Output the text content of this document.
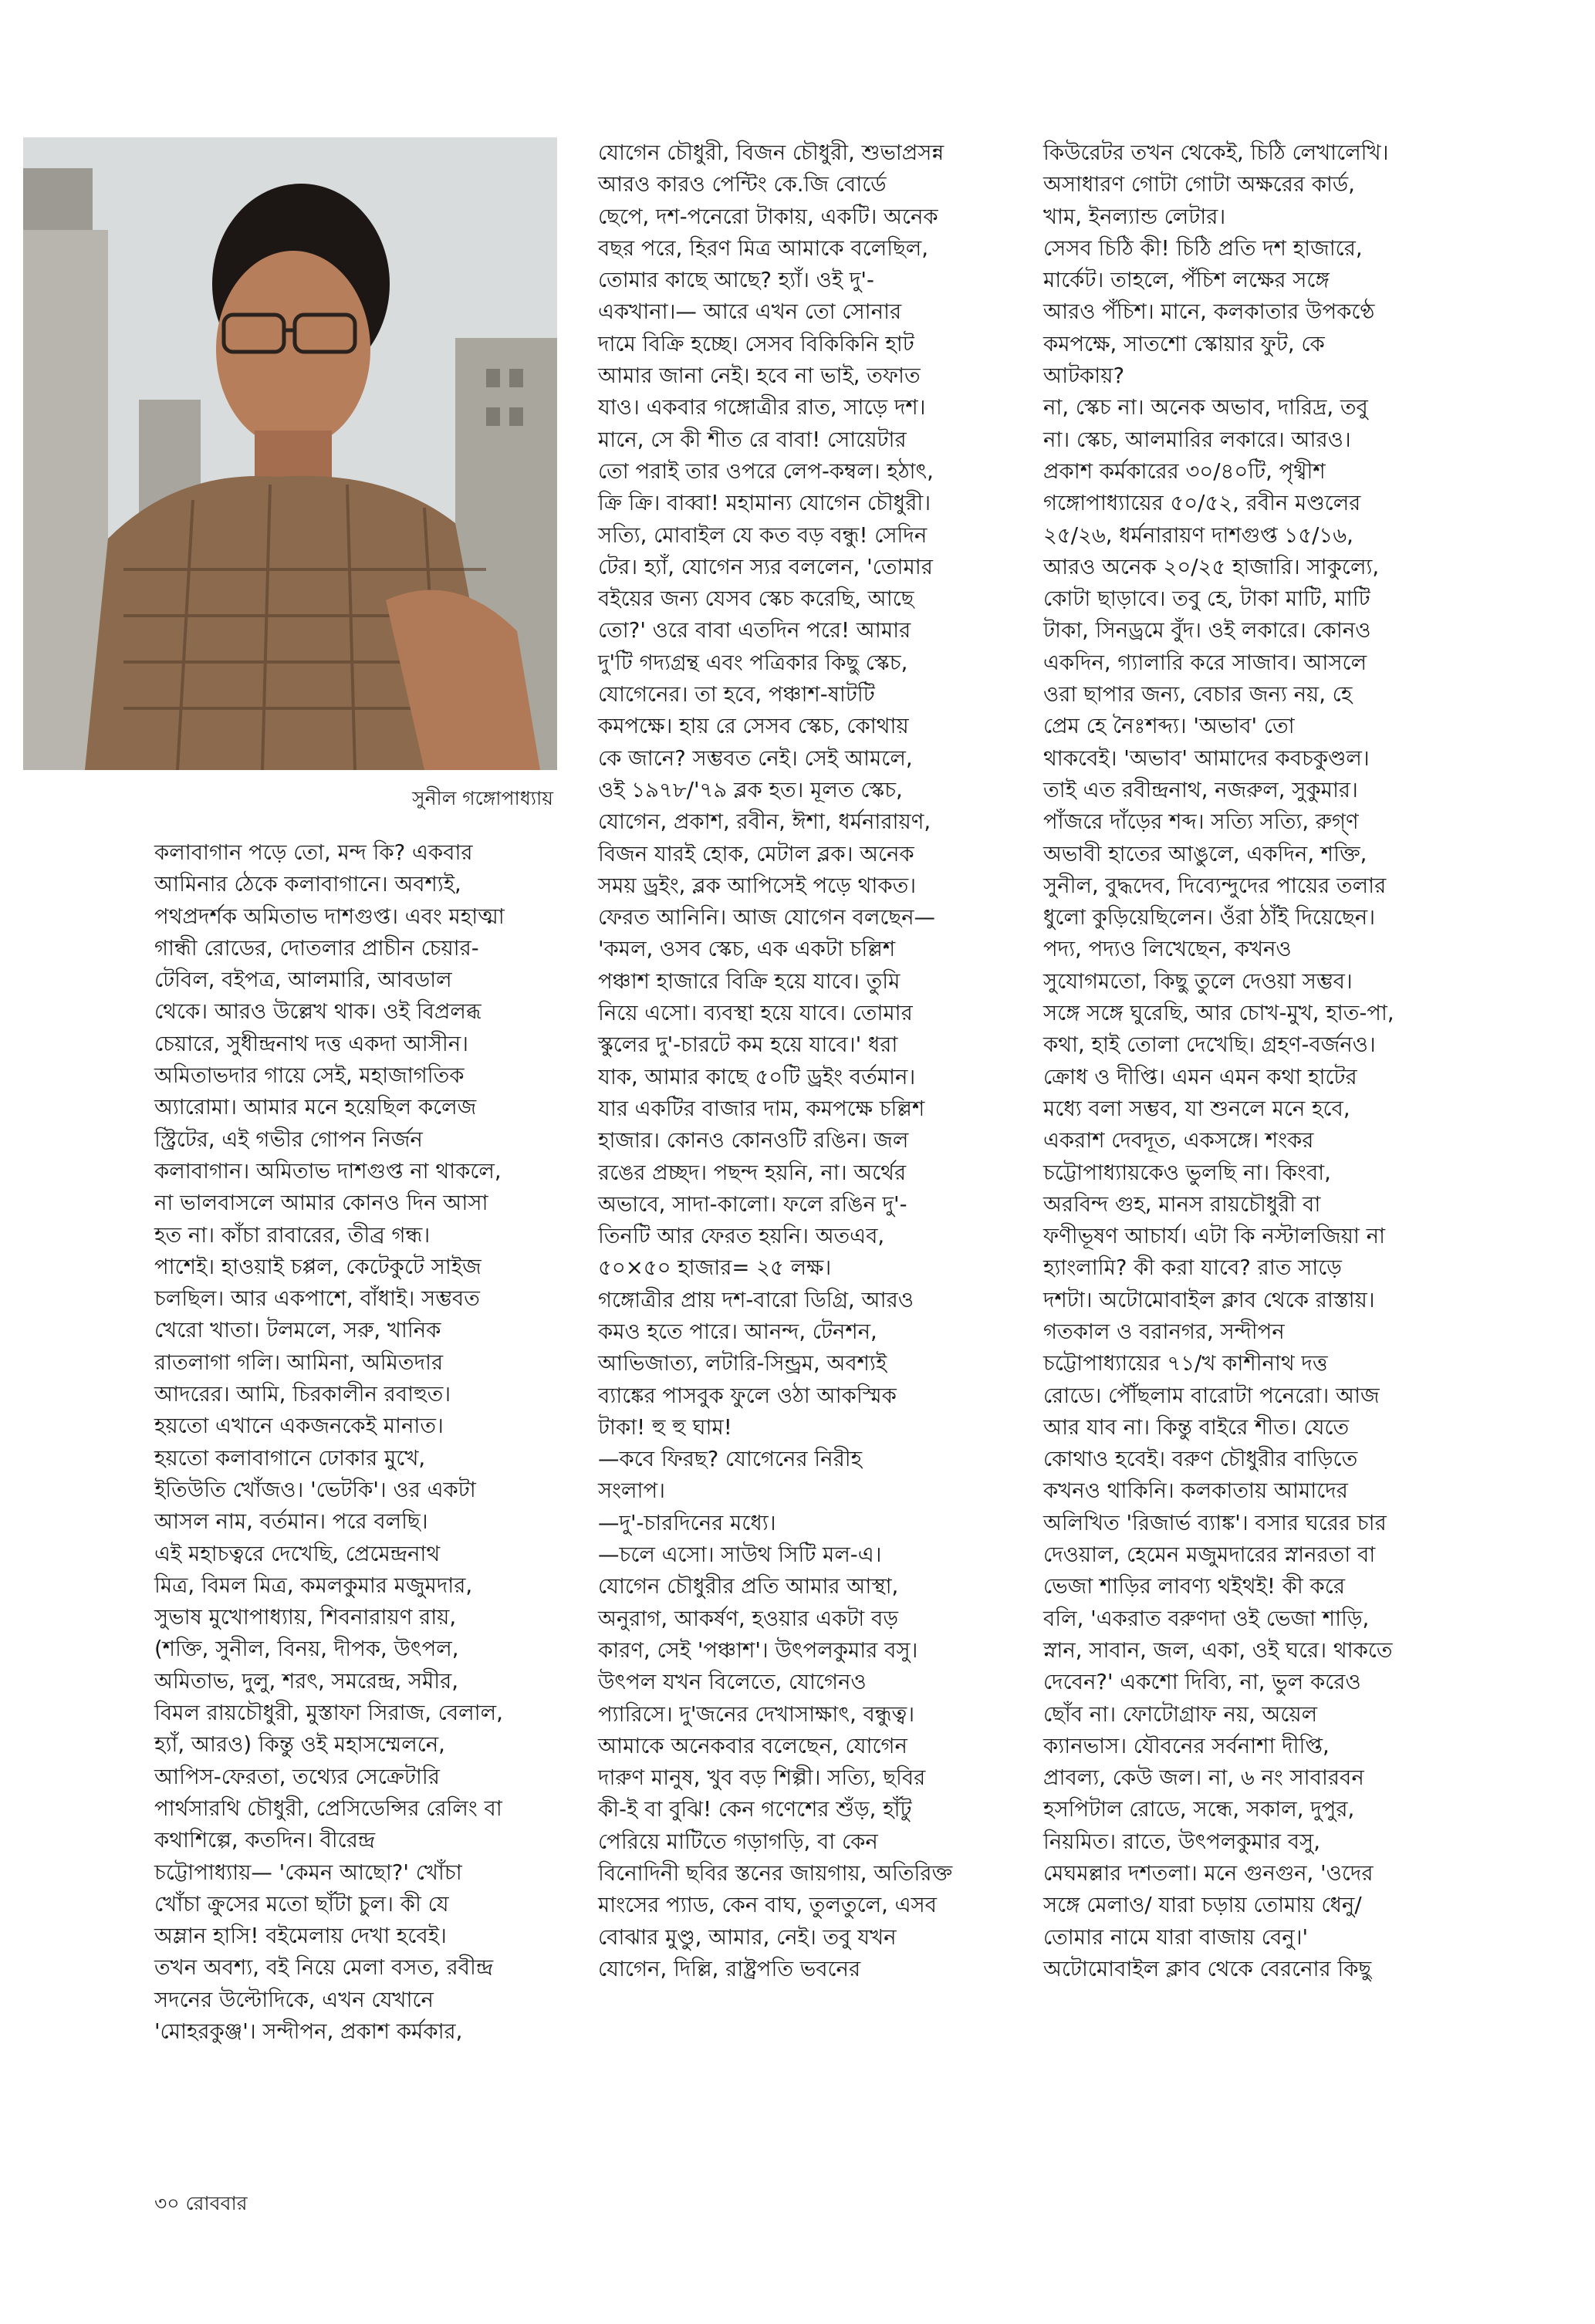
সুনীল গঙ্গোপাধ্যায়
কলাবাগান পড়ে তো, মন্দ কি? একবার
আমিনার ঠেকে কলাবাগানে। অবশ্যই,
পথপ্রদর্শক অমিতাভ দাশগুপ্ত। এবং মহাত্মা
গান্ধী রোডের, দোতলার প্রাচীন চেয়ার-
টেবিল, বইপত্র, আলমারি, আবডাল
থেকে। আরও উল্লেখ থাক। ওই বিপ্রলব্ধ
চেয়ারে, সুধীন্দ্রনাথ দত্ত একদা আসীন।
অমিতাভদার গায়ে সেই, মহাজাগতিক
অ্যারোমা। আমার মনে হয়েছিল কলেজ
স্ট্রিটের, এই গভীর গোপন নির্জন
কলাবাগান। অমিতাভ দাশগুপ্ত না থাকলে,
না ভালবাসলে আমার কোনও দিন আসা
হত না। কাঁচা রাবারের, তীব্র গন্ধ।
পাশেই। হাওয়াই চপ্পল, কেটেকুটে সাইজ
চলছিল। আর একপাশে, বাঁধাই। সম্ভবত
খেরো খাতা। টলমলে, সরু, খানিক
রাতলাগা গলি। আমিনা, অমিতদার
আদরের। আমি, চিরকালীন রবাহুত।
হয়তো এখানে একজনকেই মানাত।
হয়তো কলাবাগানে ঢোকার মুখে,
ইতিউতি খোঁজও। 'ভেটকি'। ওর একটা
আসল নাম, বর্তমান। পরে বলছি।
এই মহাচত্বরে দেখেছি, প্রেমেন্দ্রনাথ
মিত্র, বিমল মিত্র, কমলকুমার মজুমদার,
সুভাষ মুখোপাধ্যায়, শিবনারায়ণ রায়,
(শক্তি, সুনীল, বিনয়, দীপক, উৎপল,
অমিতাভ, দুলু, শরৎ, সমরেন্দ্র, সমীর,
বিমল রায়চৌধুরী, মুস্তাফা সিরাজ, বেলাল,
হ্যাঁ, আরও) কিন্তু ওই মহাসম্মেলনে,
আপিস-ফেরতা, তথ্যের সেক্রেটারি
পার্থসারথি চৌধুরী, প্রেসিডেন্সির রেলিং বা
কথাশিল্পে, কতদিন। বীরেন্দ্র
চট্টোপাধ্যায়— 'কেমন আছো?' খোঁচা
খোঁচা ক্রুসের মতো ছাঁটা চুল। কী যে
অম্লান হাসি! বইমেলায় দেখা হবেই।
তখন অবশ্য, বই নিয়ে মেলা বসত, রবীন্দ্র
সদনের উল্টোদিকে, এখন যেখানে
'মোহরকুঞ্জ'। সন্দীপন, প্রকাশ কর্মকার,
যোগেন চৌধুরী, বিজন চৌধুরী, শুভাপ্রসন্ন
আরও কারও পেন্টিং কে.জি বোর্ডে
ছেপে, দশ-পনেরো টাকায়, একটি। অনেক
বছর পরে, হিরণ মিত্র আমাকে বলেছিল,
তোমার কাছে আছে? হ্যাঁ। ওই দু'-
একখানা।— আরে এখন তো সোনার
দামে বিক্রি হচ্ছে। সেসব বিকিকিনি হাট
আমার জানা নেই। হবে না ভাই, তফাত
যাও। একবার গঙ্গোত্রীর রাত, সাড়ে দশ।
মানে, সে কী শীত রে বাবা! সোয়েটার
তো পরাই তার ওপরে লেপ-কম্বল। হঠাৎ,
ক্রি ক্রি। বাব্বা! মহামান্য যোগেন চৌধুরী।
সত্যি, মোবাইল যে কত বড় বন্ধু! সেদিন
টের। হ্যাঁ, যোগেন স্যর বললেন, 'তোমার
বইয়ের জন্য যেসব স্কেচ করেছি, আছে
তো?' ওরে বাবা এতদিন পরে! আমার
দু'টি গদ্যগ্রন্থ এবং পত্রিকার কিছু স্কেচ,
যোগেনের। তা হবে, পঞ্চাশ-ষাটটি
কমপক্ষে। হায় রে সেসব স্কেচ, কোথায়
কে জানে? সম্ভবত নেই। সেই আমলে,
ওই ১৯৭৮/'৭৯ ব্লক হত। মূলত স্কেচ,
যোগেন, প্রকাশ, রবীন, ঈশা, ধর্মনারায়ণ,
বিজন যারই হোক, মেটাল ব্লক। অনেক
সময় ড্রইং, ব্লক আপিসেই পড়ে থাকত।
ফেরত আনিনি। আজ যোগেন বলছেন—
'কমল, ওসব স্কেচ, এক একটা চল্লিশ
পঞ্চাশ হাজারে বিক্রি হয়ে যাবে। তুমি
নিয়ে এসো। ব্যবস্থা হয়ে যাবে। তোমার
স্কুলের দু'-চারটে কম হয়ে যাবে।' ধরা
যাক, আমার কাছে ৫০টি ড্রইং বর্তমান।
যার একটির বাজার দাম, কমপক্ষে চল্লিশ
হাজার। কোনও কোনওটি রঙিন। জল
রঙের প্রচ্ছদ। পছন্দ হয়নি, না। অর্থের
অভাবে, সাদা-কালো। ফলে রঙিন দু'-
তিনটি আর ফেরত হয়নি। অতএব,
৫০×৫০ হাজার= ২৫ লক্ষ।
গঙ্গোত্রীর প্রায় দশ-বারো ডিগ্রি, আরও
কমও হতে পারে। আনন্দ, টেনশন,
আভিজাত্য, লটারি-সিন্ড্রম, অবশ্যই
ব্যাঙ্কের পাসবুক ফুলে ওঠা আকস্মিক
টাকা! হু হু ঘাম!
—কবে ফিরছ? যোগেনের নিরীহ
সংলাপ।
—দু'-চারদিনের মধ্যে।
—চলে এসো। সাউথ সিটি মল-এ।
যোগেন চৌধুরীর প্রতি আমার আস্থা,
অনুরাগ, আকর্ষণ, হওয়ার একটা বড়
কারণ, সেই 'পঞ্চাশ'। উৎপলকুমার বসু।
উৎপল যখন বিলেতে, যোগেনও
প্যারিসে। দু'জনের দেখাসাক্ষাৎ, বন্ধুত্ব।
আমাকে অনেকবার বলেছেন, যোগেন
দারুণ মানুষ, খুব বড় শিল্পী। সত্যি, ছবির
কী-ই বা বুঝি! কেন গণেশের শুঁড়, হাঁটু
পেরিয়ে মাটিতে গড়াগড়ি, বা কেন
বিনোদিনী ছবির স্তনের জায়গায়, অতিরিক্ত
মাংসের প্যাড, কেন বাঘ, তুলতুলে, এসব
বোঝার মুণ্ডু, আমার, নেই। তবু যখন
যোগেন, দিল্লি, রাষ্ট্রপতি ভবনের
কিউরেটর তখন থেকেই, চিঠি লেখালেখি।
অসাধারণ গোটা গোটা অক্ষরের কার্ড,
খাম, ইনল্যান্ড লেটার।
সেসব চিঠি কী! চিঠি প্রতি দশ হাজারে,
মার্কেট। তাহলে, পঁচিশ লক্ষের সঙ্গে
আরও পঁচিশ। মানে, কলকাতার উপকণ্ঠে
কমপক্ষে, সাতশো স্কোয়ার ফুট, কে
আটকায়?
না, স্কেচ না। অনেক অভাব, দারিদ্র, তবু
না। স্কেচ, আলমারির লকারে। আরও।
প্রকাশ কর্মকারের ৩০/৪০টি, পৃথ্বীশ
গঙ্গোপাধ্যায়ের ৫০/৫২, রবীন মণ্ডলের
২৫/২৬, ধর্মনারায়ণ দাশগুপ্ত ১৫/১৬,
আরও অনেক ২০/২৫ হাজারি। সাকুল্যে,
কোটা ছাড়াবে। তবু হে, টাকা মাটি, মাটি
টাকা, সিনড্রমে বুঁদ। ওই লকারে। কোনও
একদিন, গ্যালারি করে সাজাব। আসলে
ওরা ছাপার জন্য, বেচার জন্য নয়, হে
প্রেম হে নৈঃশব্দ্য। 'অভাব' তো
থাকবেই। 'অভাব' আমাদের কবচকুণ্ডল।
তাই এত রবীন্দ্রনাথ, নজরুল, সুকুমার।
পাঁজরে দাঁড়ের শব্দ। সত্যি সত্যি, রুগ্ণ
অভাবী হাতের আঙুলে, একদিন, শক্তি,
সুনীল, বুদ্ধদেব, দিব্যেন্দুদের পায়ের তলার
ধুলো কুড়িয়েছিলেন। ওঁরা ঠাঁই দিয়েছেন।
পদ্য, পদ্যও লিখেছেন, কখনও
সুযোগমতো, কিছু তুলে দেওয়া সম্ভব।
সঙ্গে সঙ্গে ঘুরেছি, আর চোখ-মুখ, হাত-পা,
কথা, হাই তোলা দেখেছি। গ্রহণ-বর্জনও।
ক্রোধ ও দীপ্তি। এমন এমন কথা হাটের
মধ্যে বলা সম্ভব, যা শুনলে মনে হবে,
একরাশ দেবদূত, একসঙ্গে। শংকর
চট্টোপাধ্যায়কেও ভুলছি না। কিংবা,
অরবিন্দ গুহ, মানস রায়চৌধুরী বা
ফণীভূষণ আচার্য। এটা কি নস্টালজিয়া না
হ্যাংলামি? কী করা যাবে? রাত সাড়ে
দশটা। অটোমোবাইল ক্লাব থেকে রাস্তায়।
গতকাল ও বরানগর, সন্দীপন
চট্টোপাধ্যায়ের ৭১/খ কাশীনাথ দত্ত
রোডে। পৌঁছলাম বারোটা পনেরো। আজ
আর যাব না। কিন্তু বাইরে শীত। যেতে
কোথাও হবেই। বরুণ চৌধুরীর বাড়িতে
কখনও থাকিনি। কলকাতায় আমাদের
অলিখিত 'রিজার্ভ ব্যাঙ্ক'। বসার ঘরের চার
দেওয়াল, হেমেন মজুমদারের স্নানরতা বা
ভেজা শাড়ির লাবণ্য থইথই! কী করে
বলি, 'একরাত বরুণদা ওই ভেজা শাড়ি,
স্নান, সাবান, জল, একা, ওই ঘরে। থাকতে
দেবেন?' একশো দিব্যি, না, ভুল করেও
ছোঁব না। ফোটোগ্রাফ নয়, অয়েল
ক্যানভাস। যৌবনের সর্বনাশা দীপ্তি,
প্রাবল্য, কেউ জল। না, ৬ নং সাবারবন
হসপিটাল রোডে, সন্ধে, সকাল, দুপুর,
নিয়মিত। রাতে, উৎপলকুমার বসু,
মেঘমল্লার দশতলা। মনে গুনগুন, 'ওদের
সঙ্গে মেলাও/ যারা চড়ায় তোমায় ধেনু/
তোমার নামে যারা বাজায় বেনু।'
অটোমোবাইল ক্লাব থেকে বেরনোর কিছু
৩০ রোববার
